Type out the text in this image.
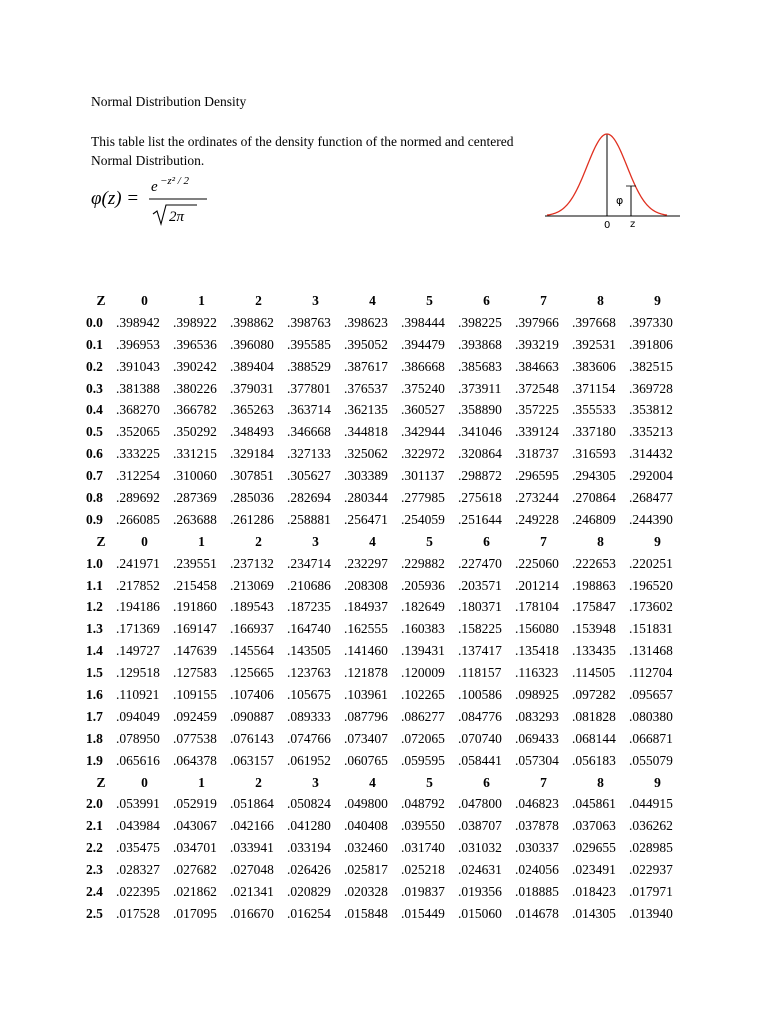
Normal Distribution Density
This table list the ordinates of the density function of the normed and centered Normal Distribution.
φ(z) =
e −z² / 2
2π
φ
0 z
Z	0	1	2	3	4	5	6	7	8	9
0.0	.398942	.398922	.398862	.398763	.398623	.398444	.398225	.397966	.397668	.397330
0.1	.396953	.396536	.396080	.395585	.395052	.394479	.393868	.393219	.392531	.391806
0.2	.391043	.390242	.389404	.388529	.387617	.386668	.385683	.384663	.383606	.382515
0.3	.381388	.380226	.379031	.377801	.376537	.375240	.373911	.372548	.371154	.369728
0.4	.368270	.366782	.365263	.363714	.362135	.360527	.358890	.357225	.355533	.353812
0.5	.352065	.350292	.348493	.346668	.344818	.342944	.341046	.339124	.337180	.335213
0.6	.333225	.331215	.329184	.327133	.325062	.322972	.320864	.318737	.316593	.314432
0.7	.312254	.310060	.307851	.305627	.303389	.301137	.298872	.296595	.294305	.292004
0.8	.289692	.287369	.285036	.282694	.280344	.277985	.275618	.273244	.270864	.268477
0.9	.266085	.263688	.261286	.258881	.256471	.254059	.251644	.249228	.246809	.244390
Z	0	1	2	3	4	5	6	7	8	9
1.0	.241971	.239551	.237132	.234714	.232297	.229882	.227470	.225060	.222653	.220251
1.1	.217852	.215458	.213069	.210686	.208308	.205936	.203571	.201214	.198863	.196520
1.2	.194186	.191860	.189543	.187235	.184937	.182649	.180371	.178104	.175847	.173602
1.3	.171369	.169147	.166937	.164740	.162555	.160383	.158225	.156080	.153948	.151831
1.4	.149727	.147639	.145564	.143505	.141460	.139431	.137417	.135418	.133435	.131468
1.5	.129518	.127583	.125665	.123763	.121878	.120009	.118157	.116323	.114505	.112704
1.6	.110921	.109155	.107406	.105675	.103961	.102265	.100586	.098925	.097282	.095657
1.7	.094049	.092459	.090887	.089333	.087796	.086277	.084776	.083293	.081828	.080380
1.8	.078950	.077538	.076143	.074766	.073407	.072065	.070740	.069433	.068144	.066871
1.9	.065616	.064378	.063157	.061952	.060765	.059595	.058441	.057304	.056183	.055079
Z	0	1	2	3	4	5	6	7	8	9
2.0	.053991	.052919	.051864	.050824	.049800	.048792	.047800	.046823	.045861	.044915
2.1	.043984	.043067	.042166	.041280	.040408	.039550	.038707	.037878	.037063	.036262
2.2	.035475	.034701	.033941	.033194	.032460	.031740	.031032	.030337	.029655	.028985
2.3	.028327	.027682	.027048	.026426	.025817	.025218	.024631	.024056	.023491	.022937
2.4	.022395	.021862	.021341	.020829	.020328	.019837	.019356	.018885	.018423	.017971
2.5	.017528	.017095	.016670	.016254	.015848	.015449	.015060	.014678	.014305	.013940
